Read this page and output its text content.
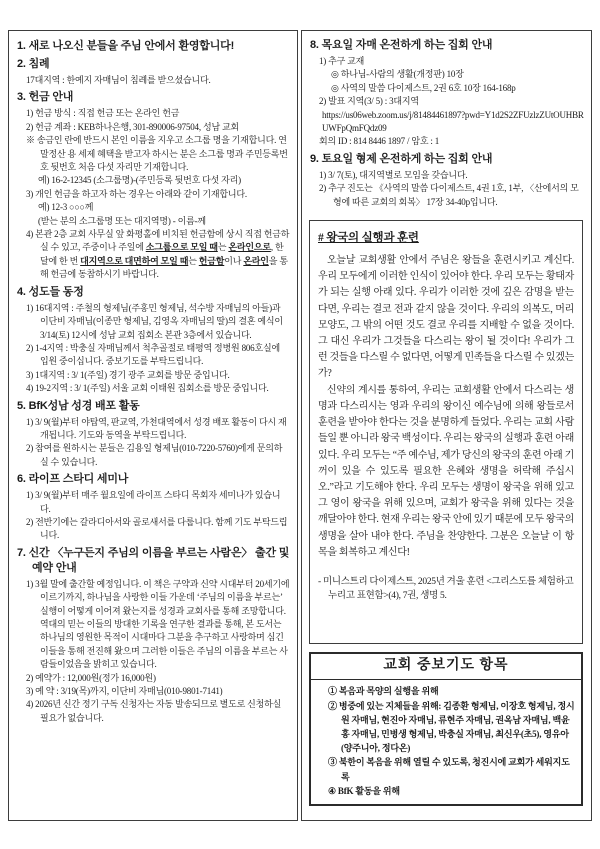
1. 새로 나오신 분들을 주님 안에서 환영합니다!
2. 침례
17대지역 : 한예지 자매님이 침례를 받으셨습니다.
3. 헌금 안내
1) 헌금 방식 : 직접 헌금 또는 온라인 헌금
2) 헌금 계좌 : KEB하나은행, 301-890006-97504, 성남 교회
※ 송금인 란에 반드시 본인 이름을 지우고 소그룹 명을 기재합니다. 연말정산 용 세제 혜택을 받고자 하시는 분은 소그룹 명과 주민등록번호 뒷번호 처음 다섯 자리만 기재합니다.
예) 16-2-12345 (소그룹명)-(주민등록 뒷번호 다섯 자리)
3) 개인 헌금을 하고자 하는 경우는 아래와 같이 기재합니다.
예) 12-3 ○○○께
(받는 분의 소그룹명 또는 대지역명) - 이름-께
4) 본관 2층 교회 사무실 앞 화평홀에 비치된 헌금함에 상시 직접 헌금하실 수 있고, 주중이나 주일에 소그룹으로 모일 때는 온라인으로, 한 달에 한 번 대지역으로 대면하여 모일 때는 헌금함이나 온라인을 통해 헌금에 동참하시기 바랍니다.
4. 성도들 동정
1) 16대지역 : 주철의 형제님(주홍민 형제님, 석수방 자매님의 아들)과 이단비 자매님(이종만 형제님, 김영옥 자매님의 딸)의 결혼 예식이 3/14(토) 12시에 성남 교회 집회소 본관 3층에서 있습니다.
2) 1-4지역 : 박충실 자매님께서 척추골절로 태평역 정병원 806호실에 입원 중이십니다. 중보기도를 부탁드립니다.
3) 1대지역 : 3/ 1(주일) 경기 광주 교회를 방문 중입니다.
4) 19-2지역 : 3/ 1(주일) 서울 교회 이태원 집회소를 방문 중입니다.
5. BfK성남 성경 배포 활동
1) 3/ 9(월)부터 야탑역, 판교역, 가천대역에서 성경 배포 활동이 다시 재개됩니다. 기도와 동역을 부탁드립니다.
2) 참여를 원하시는 분들은 김용일 형제님(010-7220-5760)에게 문의하실 수 있습니다.
6. 라이프 스타디 세미나
1) 3/ 9(월)부터 매주 월요일에 라이프 스타디 목회자 세미나가 있습니다.
2) 전반기에는 갈라디아서와 골로새서를 다룹니다. 함께 기도 부탁드립니다.
7. 신간 〈누구든지 주님의 이름을 부르는 사람은〉 출간 및 예약 안내
1) 3월 말에 출간할 예정입니다. 이 책은 구약과 신약 시대부터 20세기에 이르기까지, 하나님을 사랑한 이들 가운데 ‘주님의 이름을 부르는’ 실행이 어떻게 이어져 왔는지를 성경과 교회사를 통해 조망합니다. 역대의 믿는 이들의 방대한 기록을 연구한 결과를 통해, 본 도서는 하나님의 영원한 목적이 시대마다 그분을 추구하고 사랑하며 심긴 이들을 통해 전진해 왔으며 그러한 이들은 주님의 이름을 부르는 사람들이었음을 밝히고 있습니다.
2) 예약가 : 12,000원(정가 16,000원)
3) 예 약 : 3/19(목)까지, 이단비 자매님(010-9801-7141)
4) 2026년 신간 정기 구독 신청자는 자동 발송되므로 별도로 신청하실 필요가 없습니다.
8. 목요일 자매 온전하게 하는 집회 안내
1) 추구 교재
◎ 하나님-사람의 생활(개정판) 10장
◎ 사역의 말씀 다이제스트, 2권 6호 10장 164-168p
2) 발표 지역(3/ 5) : 3대지역
https://us06web.zoom.us/j/81484461897?pwd=Y1d2S2ZFUzlzZUtOUHBRUWFpQmFQdz09
회의 ID : 814 8446 1897 / 암호 : 1
9. 토요일 형제 온전하게 하는 집회 안내
1) 3/ 7(토), 대지역별로 모임을 갖습니다.
2) 추구 진도는 《사역의 말씀 다이제스트, 4권 1호, 1부, 〈산에서의 모형에 따른 교회의 회복〉 17장 34-40p입니다.
# 왕국의 실행과 훈련

오늘날 교회생활 안에서 주님은 왕들을 훈련시키고 계신다. 우리 모두에게 이러한 인식이 있어야 한다. 우리 모두는 황태자가 되는 실행 아래 있다. 우리가 이러한 것에 깊은 감명을 받는다면, 우리는 결코 전과 같지 않을 것이다. 우리의 의복도, 머리 모양도, 그 밖의 어떤 것도 결코 우리를 지배할 수 없을 것이다. 그 대신 우리가 그것들을 다스리는 왕이 될 것이다! 우리가 그런 것들을 다스릴 수 없다면, 어떻게 민족들을 다스릴 수 있겠는가?

신약의 계시를 통하여, 우리는 교회생활 안에서 다스리는 생명과 다스리시는 영과 우리의 왕이신 예수님에 의해 왕들로서 훈련을 받아야 한다는 것을 분명하게 들었다. 우리는 교회 사람들일 뿐 아니라 왕국 백성이다. 우리는 왕국의 실행과 훈련 아래 있다. 우리 모두는 “주 예수님, 제가 당신의 왕국의 훈련 아래 기꺼이 있을 수 있도록 필요한 은혜와 생명을 허락해 주십시오.”라고 기도해야 한다. 우리 모두는 생명이 왕국을 위해 있고 그 영이 왕국을 위해 있으며, 교회가 왕국을 위해 있다는 것을 깨달아야 한다. 현재 우리는 왕국 안에 있기 때문에 모두 왕국의 생명을 살아 내야 한다. 주님을 찬양한다. 그분은 오늘날 이 항목을 회복하고 계신다!

- 미니스트리 다이제스트, 2025년 겨울 훈련 <그리스도를 체험하고 누리고 표현함>(4), 7권, 생명 5.
교회 중보기도 항목
① 복음과 목양의 실행을 위해
② 병중에 있는 지체들을 위해: 김종환 형제님, 이장호 형제님, 정시원 자매님, 현진아 자매님, 류현주 자매님, 권옥남 자매님, 백윤홍 자매님, 민병생 형제님, 박충실 자매님, 최신우(초5), 영유아(양주니아, 정다온)
③ 북한이 복음을 위해 열릴 수 있도록, 청진시에 교회가 세워지도록
④ BfK 활동을 위해
